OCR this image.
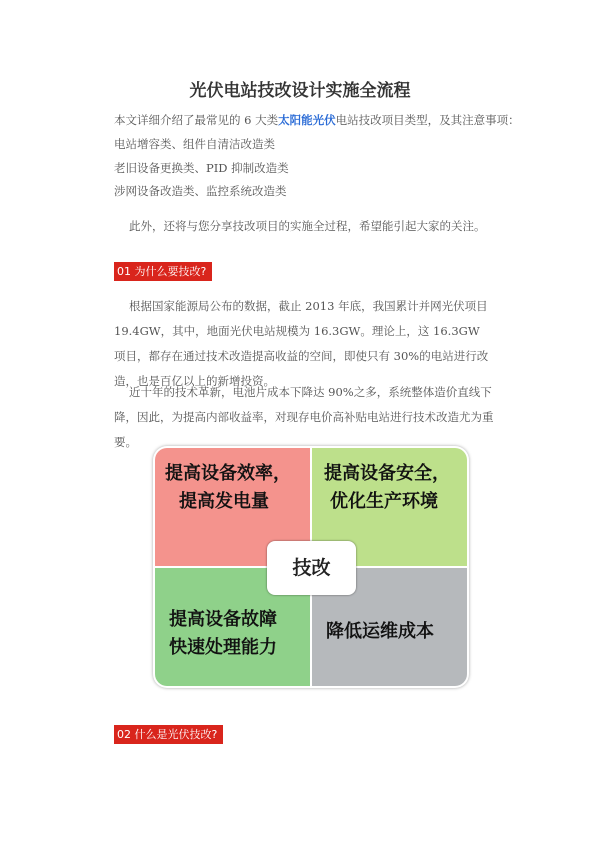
光伏电站技改设计实施全流程
本文详细介绍了最常见的 6 大类太阳能光伏电站技改项目类型，及其注意事项：
电站增容类、组件自清洁改造类
老旧设备更换类、PID 抑制改造类
涉网设备改造类、监控系统改造类
此外，还将与您分享技改项目的实施全过程，希望能引起大家的关注。
01 为什么要技改?

根据国家能源局公布的数据，截止 2013 年底，我国累计并网光伏项目 19.4GW，其中，地面光伏电站规模为 16.3GW。理论上，这 16.3GW 项目，都存在通过技术改造提高收益的空间，即使只有 30%的电站进行改造，也是百亿以上的新增投资。

近十年的技术革新，电池片成本下降达 90%之多，系统整体造价直线下降，因此，为提高内部收益率，对现存电价高补贴电站进行技术改造尤为重要。

提高设备效率，
提高发电量
提高设备安全，
优化生产环境
提高设备故障
快速处理能力
降低运维成本
技改
02 什么是光伏技改?
